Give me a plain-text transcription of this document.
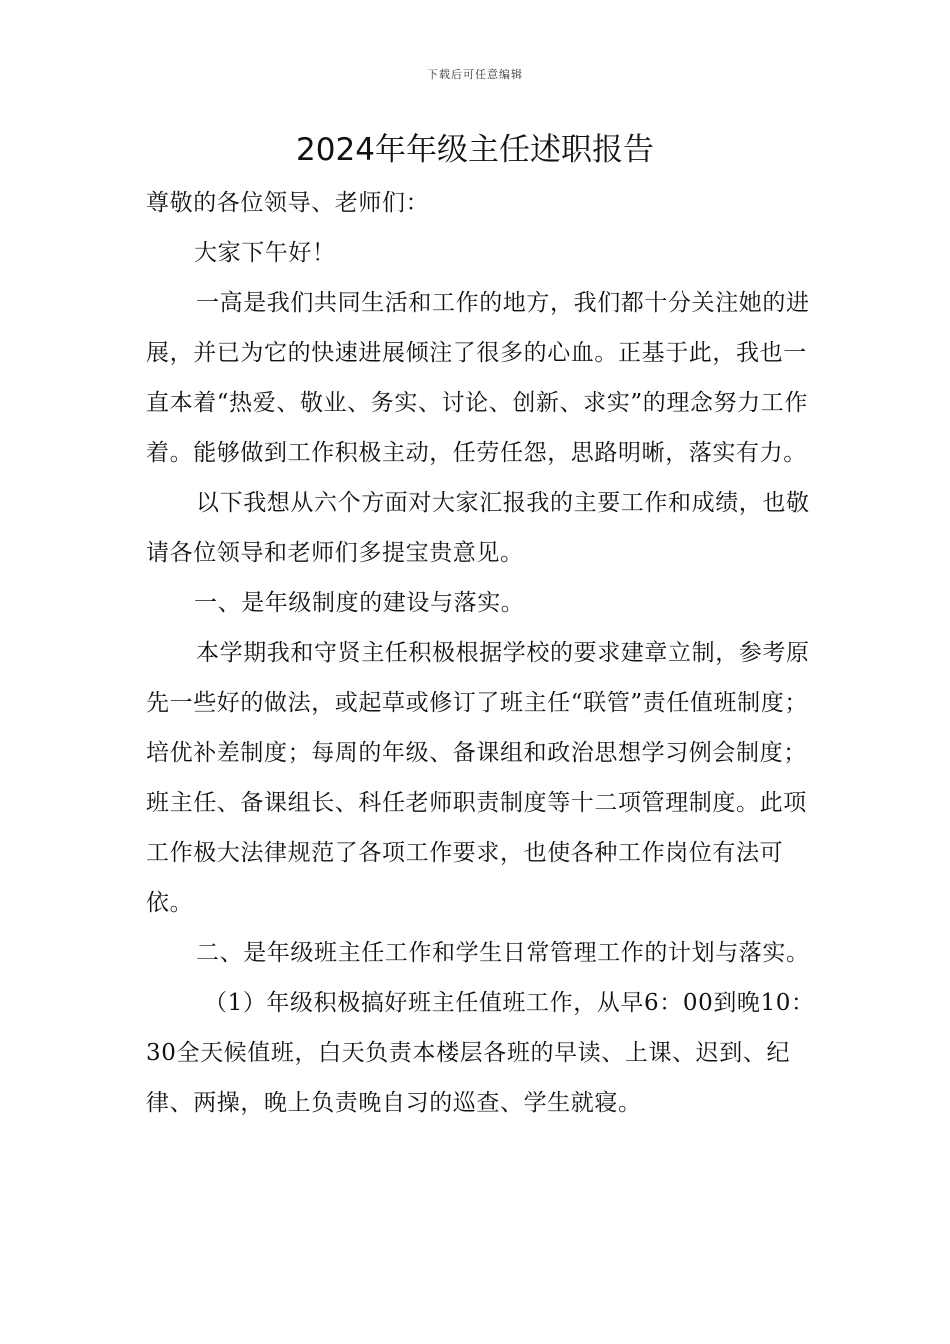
下载后可任意编辑
2024年年级主任述职报告

尊敬的各位领导、老师们：

大家下午好！

一高是我们共同生活和工作的地方，我们都十分关注她的进展，并已为它的快速进展倾注了很多的心血。正基于此，我也一直本着“热爱、敬业、务实、讨论、创新、求实”的理念努力工作着。能够做到工作积极主动，任劳任怨，思路明晰，落实有力。

以下我想从六个方面对大家汇报我的主要工作和成绩，也敬请各位领导和老师们多提宝贵意见。

一、是年级制度的建设与落实。

本学期我和守贤主任积极根据学校的要求建章立制，参考原先一些好的做法，或起草或修订了班主任“联管”责任值班制度；培优补差制度；每周的年级、备课组和政治思想学习例会制度；班主任、备课组长、科任老师职责制度等十二项管理制度。此项工作极大法律规范了各项工作要求，也使各种工作岗位有法可依。

二、是年级班主任工作和学生日常管理工作的计划与落实。

（1）年级积极搞好班主任值班工作，从早6：00到晚10：30全天候值班，白天负责本楼层各班的早读、上课、迟到、纪律、两操，晚上负责晚自习的巡查、学生就寝。
